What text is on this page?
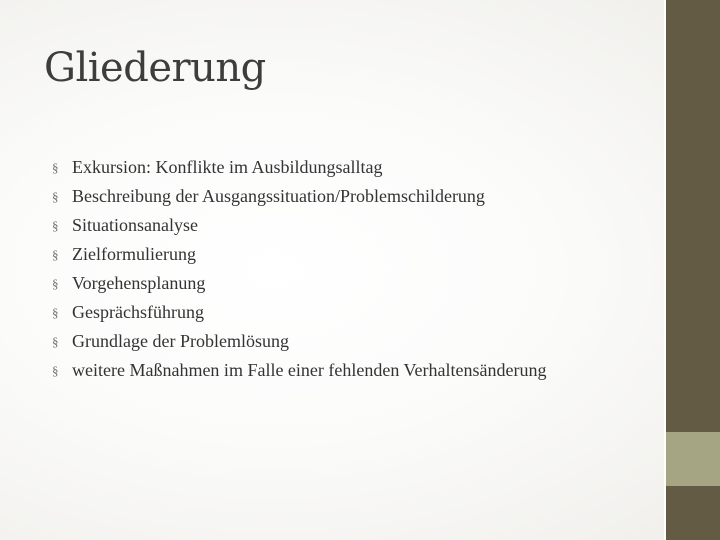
Gliederung
§ Exkursion: Konflikte im Ausbildungsalltag
§ Beschreibung der Ausgangssituation/Problemschilderung
§ Situationsanalyse
§ Zielformulierung
§ Vorgehensplanung
§ Gesprächsführung
§ Grundlage der Problemlösung
§ weitere Maßnahmen im Falle einer fehlenden Verhaltensänderung
